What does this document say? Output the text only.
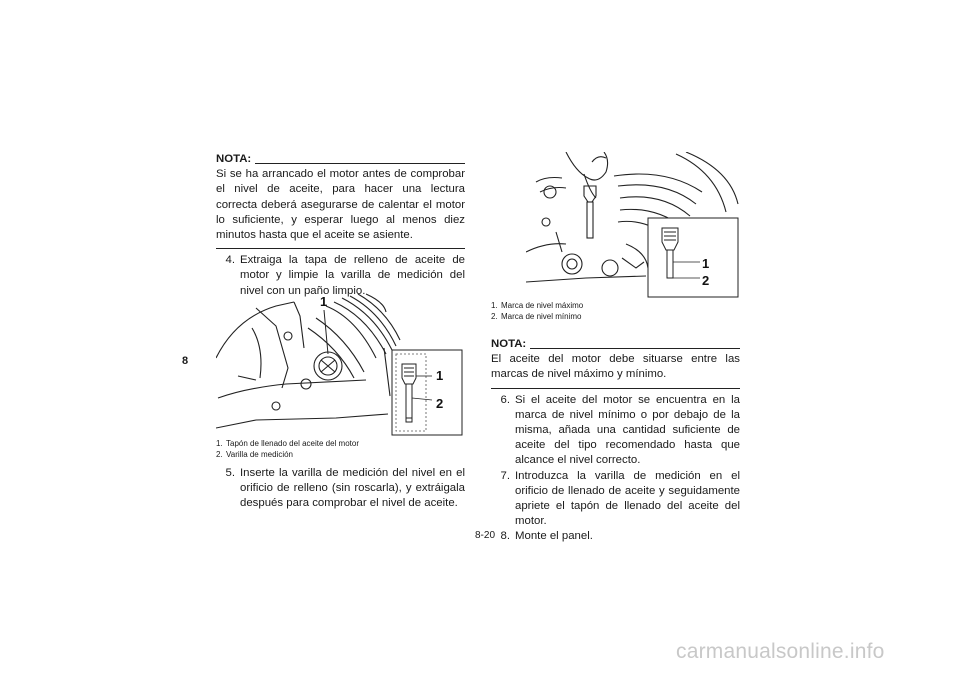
8
NOTA:
Si se ha arrancado el motor antes de comprobar el nivel de aceite, para hacer una lectura correcta deberá asegurarse de calentar el motor lo suficiente, y esperar luego al menos diez minutos hasta que el aceite se asiente.
4. Extraiga la tapa de relleno de aceite de motor y limpie la varilla de medición del nivel con un paño limpio.
1
1
2
1. Tapón de llenado del aceite del motor
2. Varilla de medición
5. Inserte la varilla de medición del nivel en el orificio de relleno (sin roscarla), y extráigala después para comprobar el nivel de aceite.
1
2
1. Marca de nivel máximo
2. Marca de nivel mínimo
NOTA:
El aceite del motor debe situarse entre las marcas de nivel máximo y mínimo.
6. Si el aceite del motor se encuentra en la marca de nivel mínimo o por debajo de la misma, añada una cantidad suficiente de aceite del tipo recomendado hasta que alcance el nivel correcto.
7. Introduzca la varilla de medición en el orificio de llenado de aceite y seguidamente apriete el tapón de llenado del aceite del motor.
8. Monte el panel.
8-20
carmanualsonline.info
